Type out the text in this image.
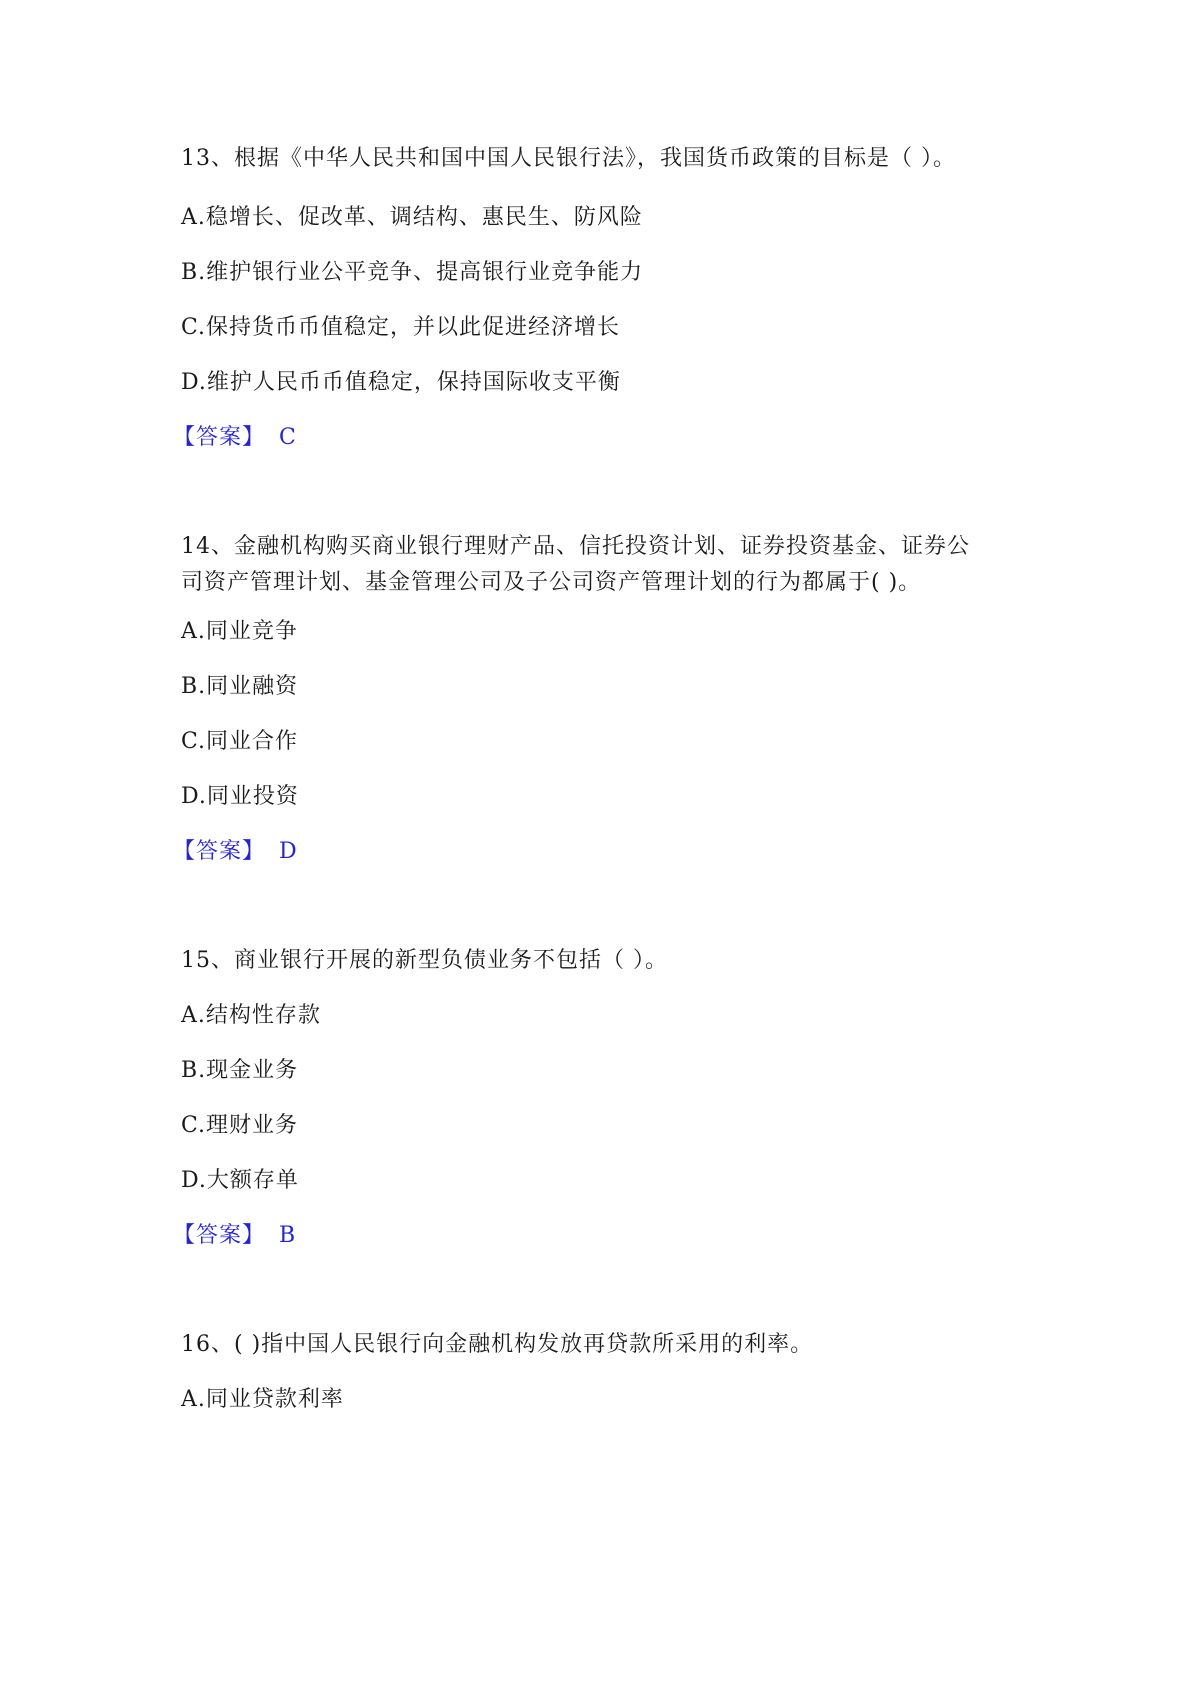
13、根据《中华人民共和国中国人民银行法》，我国货币政策的目标是（ ）。
A.稳增长、促改革、调结构、惠民生、防风险
B.维护银行业公平竞争、提高银行业竞争能力
C.保持货币币值稳定，并以此促进经济增长
D.维护人民币币值稳定，保持国际收支平衡
【答案】 C
14、金融机构购买商业银行理财产品、信托投资计划、证券投资基金、证券公
司资产管理计划、基金管理公司及子公司资产管理计划的行为都属于( )。
A.同业竞争
B.同业融资
C.同业合作
D.同业投资
【答案】 D
15、商业银行开展的新型负债业务不包括（ ）。
A.结构性存款
B.现金业务
C.理财业务
D.大额存单
【答案】 B
16、( )指中国人民银行向金融机构发放再贷款所采用的利率。
A.同业贷款利率
